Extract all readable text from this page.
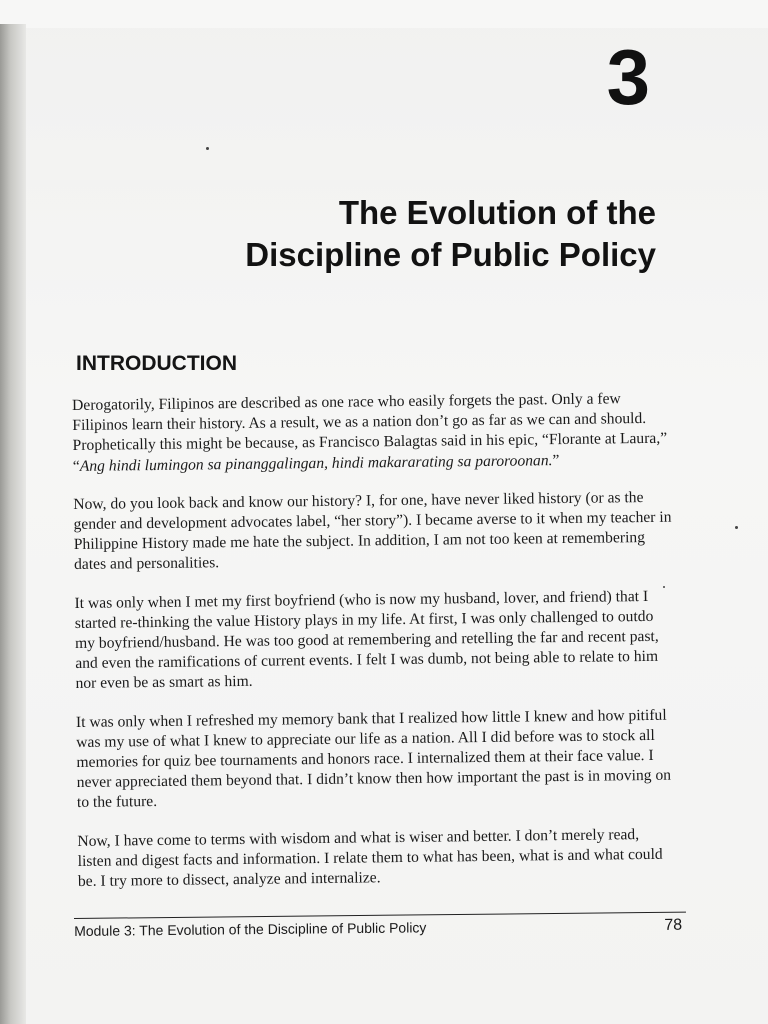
3
The Evolution of the
Discipline of Public Policy
INTRODUCTION

Derogatorily, Filipinos are described as one race who easily forgets the past. Only a few Filipinos learn their history. As a result, we as a nation don’t go as far as we can and should. Prophetically this might be because, as Francisco Balagtas said in his epic, “Florante at Laura,” “Ang hindi lumingon sa pinanggalingan, hindi makararating sa paroroonan.”

Now, do you look back and know our history? I, for one, have never liked history (or as the gender and development advocates label, “her story”). I became averse to it when my teacher in Philippine History made me hate the subject. In addition, I am not too keen at remembering dates and personalities.

It was only when I met my first boyfriend (who is now my husband, lover, and friend) that I started re-thinking the value History plays in my life. At first, I was only challenged to outdo my boyfriend/husband. He was too good at remembering and retelling the far and recent past, and even the ramifications of current events. I felt I was dumb, not being able to relate to him nor even be as smart as him.

It was only when I refreshed my memory bank that I realized how little I knew and how pitiful was my use of what I knew to appreciate our life as a nation. All I did before was to stock all memories for quiz bee tournaments and honors race. I internalized them at their face value. I never appreciated them beyond that. I didn’t know then how important the past is in moving on to the future.

Now, I have come to terms with wisdom and what is wiser and better. I don’t merely read, listen and digest facts and information. I relate them to what has been, what is and what could be. I try more to dissect, analyze and internalize.

Module 3: The Evolution of the Discipline of Public Policy	78
